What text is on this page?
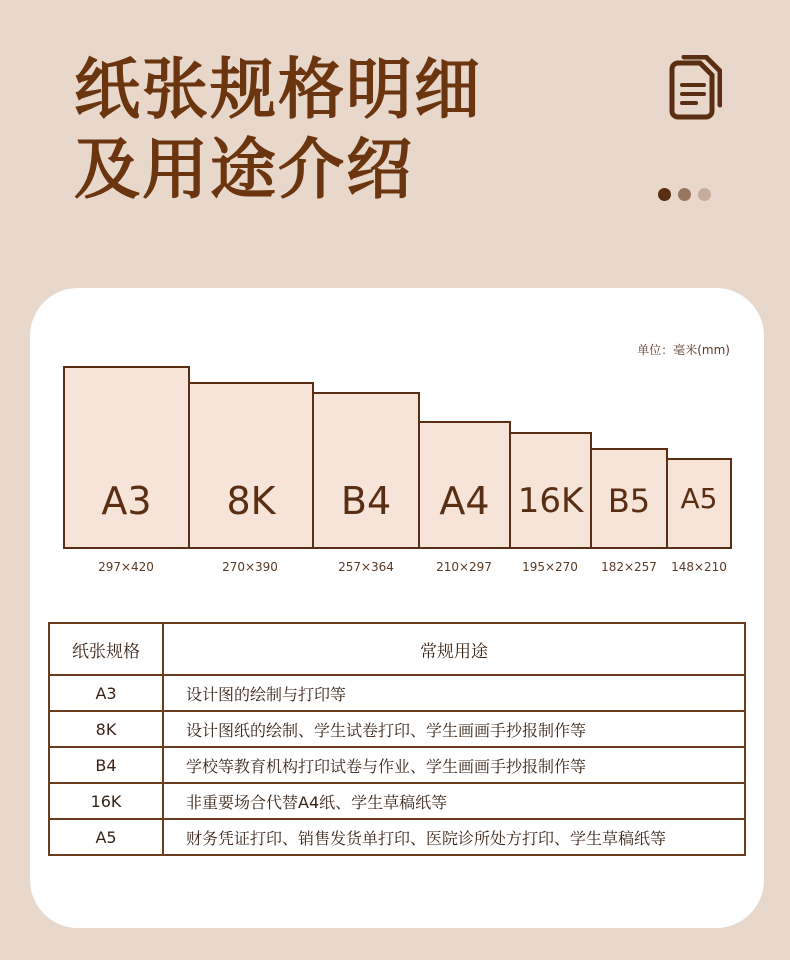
纸张规格明细
及用途介绍
单位：毫米(mm)
A3	8K	B4	A4 16K B5	A5
297×420	270×390	257×364	210×297	195×270	182×257	148×210
纸张规格	常规用途
A3	设计图的绘制与打印等
8K	设计图纸的绘制、学生试卷打印、学生画画手抄报制作等
B4	学校等教育机构打印试卷与作业、学生画画手抄报制作等
16K	非重要场合代替A4纸、学生草稿纸等
A5	财务凭证打印、销售发货单打印、医院诊所处方打印、学生草稿纸等
